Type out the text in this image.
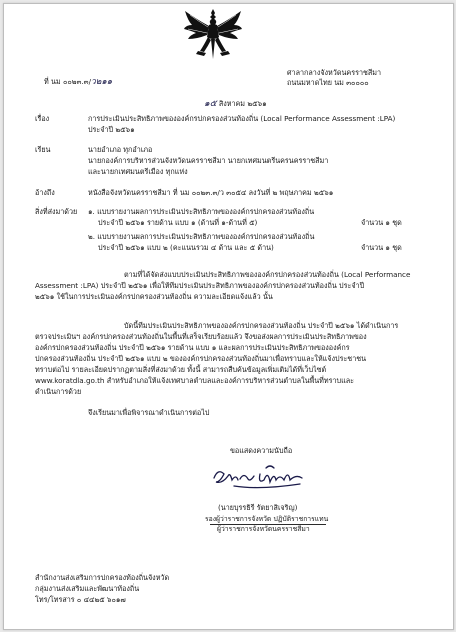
ที่ นม ๐๐๒๓.๓/ว๒๑๑
ศาลากลางจังหวัดนครราชสีมา
ถนนมหาดไทย นม ๓๐๐๐๐
๑๕ สิงหาคม ๒๕๖๑
เรื่อง	การประเมินประสิทธิภาพขององค์กรปกครองส่วนท้องถิ่น (Local Performance Assessment :LPA)
ประจำปี ๒๕๖๑
เรียน	นายอำเภอ ทุกอำเภอ
นายกองค์การบริหารส่วนจังหวัดนครราชสีมา นายกเทศมนตรีนครนครราชสีมา
และนายกเทศมนตรีเมือง ทุกแห่ง
อ้างถึง	หนังสือจังหวัดนครราชสีมา ที่ นม ๐๐๒๓.๓/ว ๓๐๕๔ ลงวันที่ ๒ พฤษภาคม ๒๕๖๑
สิ่งที่ส่งมาด้วย ๑. แบบรายงานผลการประเมินประสิทธิภาพขององค์กรปกครองส่วนท้องถิ่น
ประจำปี ๒๕๖๑ รายด้าน แบบ ๑ (ด้านที่ ๑-ด้านที่ ๕)	จำนวน ๑ ชุด
๒. แบบรายงานผลการประเมินประสิทธิภาพขององค์กรปกครองส่วนท้องถิ่น
ประจำปี ๒๕๖๑ แบบ ๒ (คะแนนรวม ๔ ด้าน และ ๕ ด้าน)	จำนวน ๑ ชุด
ตามที่ได้จัดส่งแบบประเมินประสิทธิภาพขององค์กรปกครองส่วนท้องถิ่น (Local Performance
Assessment :LPA) ประจำปี ๒๕๖๑ เพื่อให้ทีมประเมินประสิทธิภาพขององค์กรปกครองส่วนท้องถิ่น ประจำปี
๒๕๖๑ ใช้ในการประเมินองค์กรปกครองส่วนท้องถิ่น ความละเอียดแจ้งแล้ว นั้น
บัดนี้ทีมประเมินประสิทธิภาพขององค์กรปกครองส่วนท้องถิ่น ประจำปี ๒๕๖๑ ได้ดำเนินการ
ตรวจประเมินฯ องค์กรปกครองส่วนท้องถิ่นในพื้นที่เสร็จเรียบร้อยแล้ว จึงขอส่งผลการประเมินประสิทธิภาพของ
องค์กรปกครองส่วนท้องถิ่น ประจำปี ๒๕๖๑ รายด้าน แบบ ๑ และผลการประเมินประสิทธิภาพขององค์กร
ปกครองส่วนท้องถิ่น ประจำปี ๒๕๖๑ แบบ ๒ ขององค์กรปกครองส่วนท้องถิ่นมาเพื่อทราบและให้แจ้งประชาชน
ทราบต่อไป รายละเอียดปรากฏตามสิ่งที่ส่งมาด้วย ทั้งนี้ สามารถสืบค้นข้อมูลเพิ่มเติมได้ที่เว็บไซต์
www.koratdla.go.th สำหรับอำเภอให้แจ้งเทศบาลตำบลและองค์การบริหารส่วนตำบลในพื้นที่ทราบและ
ดำเนินการด้วย
จึงเรียนมาเพื่อพิจารณาดำเนินการต่อไป
ขอแสดงความนับถือ
(นายบุรรธิรี รัตยาสิเจริญ)
รองผู้ว่าราชการจังหวัด ปฏิบัติราชการแทน
ผู้ว่าราชการจังหวัดนครราชสีมา
สำนักงานส่งเสริมการปกครองท้องถิ่นจังหวัด
กลุ่มงานส่งเสริมและพัฒนาท้องถิ่น
โทร/โทรสาร ๐ ๔๔๒๕ ๖๐๑๗
